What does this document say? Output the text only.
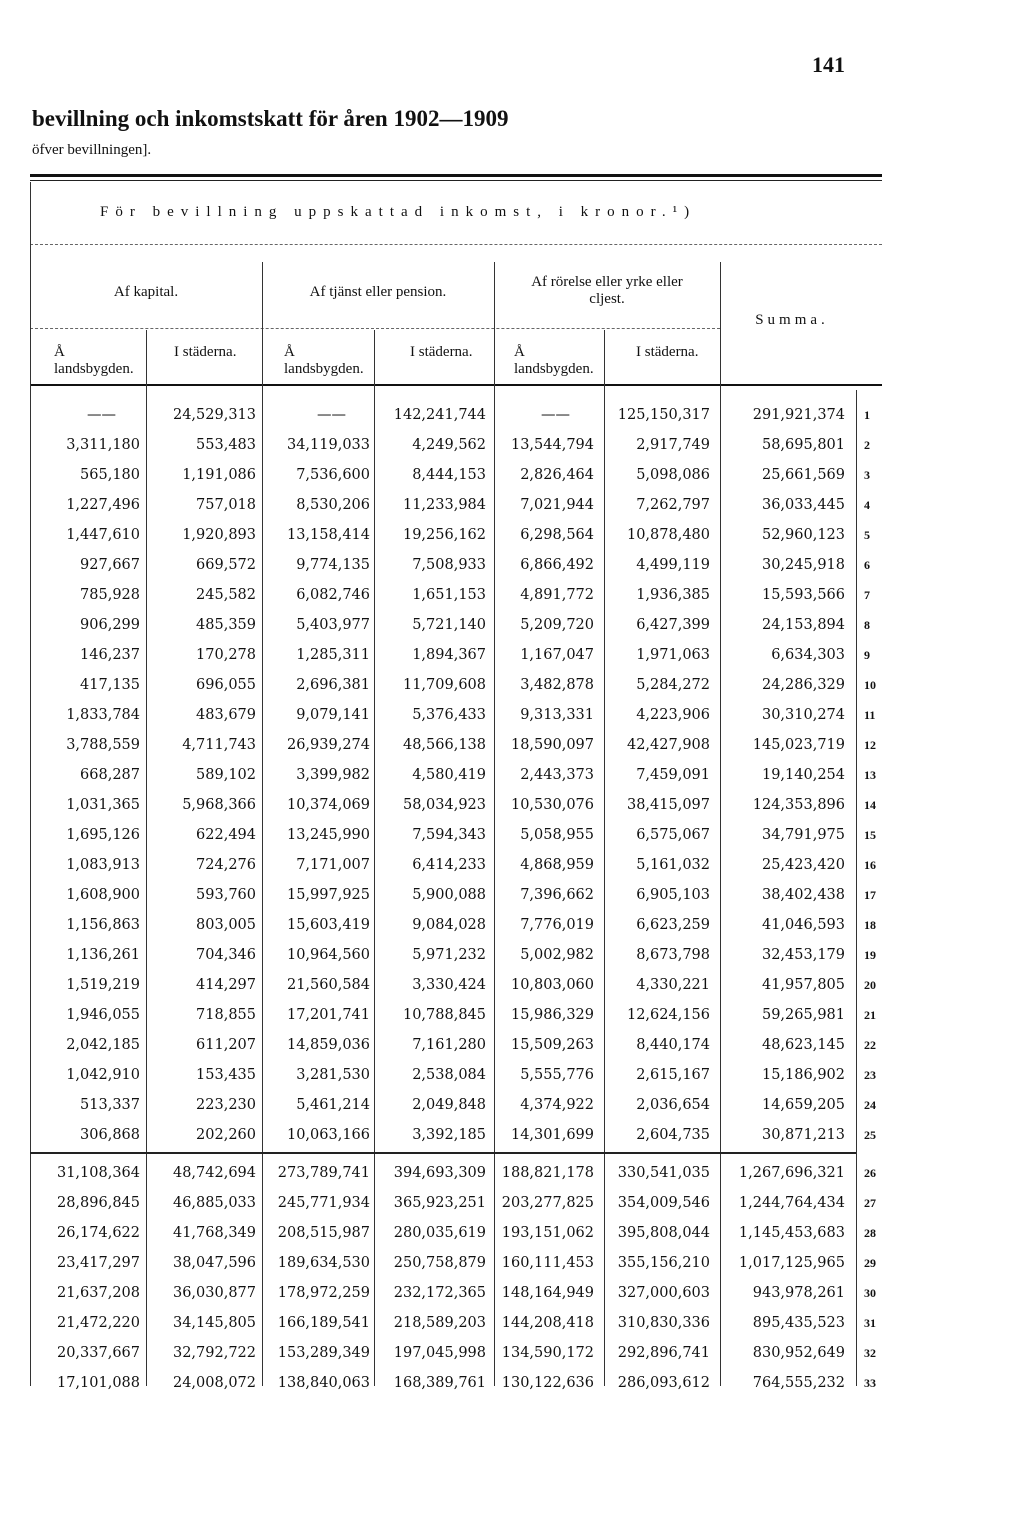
141
bevillning och inkomstskatt för åren 1902—1909
öfver bevillningen].
För bevillning uppskattad inkomst, i kronor.¹)
Af kapital.	Af tjänst eller pension.
Af rörelse eller yrke eller cljest.
Summa.
Å landsbygden.
I städerna.	Å landsbygden.
I städerna.	Å landsbygden.
I städerna.
——	24,529,313	——	142,241,744	——	125,150,317	291,921,374 1
3,311,180	553,483 34,119,033	4,249,562 13,544,794	2,917,749	58,695,801 2
565,180	1,191,086	7,536,600	8,444,153 2,826,464	5,098,086	25,661,569 3
1,227,496	757,018	8,530,206 11,233,984 7,021,944	7,262,797	36,033,445 4
1,447,610	1,920,893 13,158,414 19,256,162 6,298,564 10,878,480	52,960,123 5
927,667	669,572	9,774,135	7,508,933 6,866,492	4,499,119	30,245,918 6
785,928	245,582	6,082,746	1,651,153 4,891,772	1,936,385	15,593,566 7
906,299	485,359	5,403,977	5,721,140 5,209,720	6,427,399	24,153,894 8
146,237	170,278	1,285,311	1,894,367 1,167,047	1,971,063	6,634,303 9
417,135	696,055	2,696,381 11,709,608 3,482,878	5,284,272	24,286,329 10
1,833,784	483,679	9,079,141	5,376,433 9,313,331	4,223,906	30,310,274 11
3,788,559	4,711,743 26,939,274 48,566,138 18,590,097 42,427,908	145,023,719 12
668,287	589,102	3,399,982	4,580,419 2,443,373	7,459,091	19,140,254 13
1,031,365	5,968,366 10,374,069 58,034,923 10,530,076 38,415,097	124,353,896 14
1,695,126	622,494 13,245,990	7,594,343 5,058,955	6,575,067	34,791,975 15
1,083,913	724,276	7,171,007	6,414,233 4,868,959	5,161,032	25,423,420 16
1,608,900	593,760 15,997,925	5,900,088 7,396,662	6,905,103	38,402,438 17
1,156,863	803,005 15,603,419	9,084,028 7,776,019	6,623,259	41,046,593 18
1,136,261	704,346 10,964,560	5,971,232 5,002,982	8,673,798	32,453,179 19
1,519,219	414,297 21,560,584	3,330,424 10,803,060	4,330,221	41,957,805 20
1,946,055	718,855 17,201,741 10,788,845 15,986,329 12,624,156	59,265,981 21
2,042,185	611,207 14,859,036	7,161,280 15,509,263	8,440,174	48,623,145 22
1,042,910	153,435	3,281,530	2,538,084 5,555,776	2,615,167	15,186,902 23
513,337	223,230	5,461,214	2,049,848 4,374,922	2,036,654	14,659,205 24
306,868	202,260 10,063,166	3,392,185 14,301,699	2,604,735	30,871,213 25
31,108,364 48,742,694 273,789,741 394,693,309 188,821,178 330,541,035 1,267,696,321 26
28,896,845 46,885,033 245,771,934 365,923,251 203,277,825 354,009,546 1,244,764,434 27
26,174,622 41,768,349 208,515,987 280,035,619 193,151,062 395,808,044 1,145,453,683 28
23,417,297 38,047,596 189,634,530 250,758,879 160,111,453 355,156,210 1,017,125,965 29
21,637,208 36,030,877 178,972,259 232,172,365 148,164,949 327,000,603	943,978,261 30
21,472,220 34,145,805 166,189,541 218,589,203 144,208,418 310,830,336	895,435,523 31
20,337,667 32,792,722 153,289,349 197,045,998 134,590,172 292,896,741	830,952,649 32
17,101,088 24,008,072 138,840,063 168,389,761 130,122,636 286,093,612	764,555,232 33
